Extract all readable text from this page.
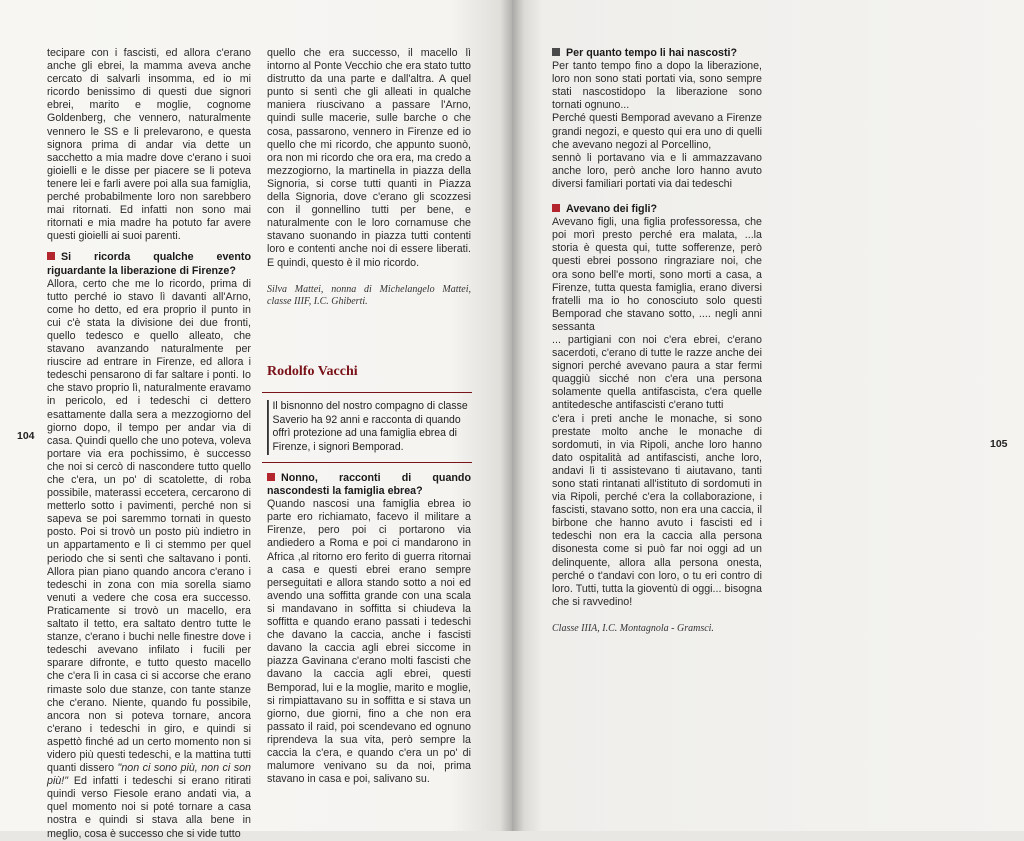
tecipare con i fascisti, ed allora c'erano anche gli ebrei, la mamma aveva anche cercato di salvarli insomma, ed io mi ricordo benissimo di questi due signori ebrei, marito e moglie, cognome Goldenberg, che vennero, naturalmente vennero le SS e li prelevarono, e questa signora prima di andar via dette un sacchetto a mia madre dove c'erano i suoi gioielli e le disse per piacere se li poteva tenere lei e farli avere poi alla sua famiglia, perché probabilmente loro non sarebbero mai ritornati. Ed infatti non sono mai ritornati e mia madre ha potuto far avere questi gioielli ai suoi parenti.

Si ricorda qualche evento riguardante la liberazione di Firenze?

Allora, certo che me lo ricordo, prima di tutto perché io stavo lì davanti all'Arno, come ho detto, ed era proprio il punto in cui c'è stata la divisione dei due fronti, quello tedesco e quello alleato, che stavano avanzando naturalmente per riuscire ad entrare in Firenze, ed allora i tedeschi pensarono di far saltare i ponti. Io che stavo proprio lì, naturalmente eravamo in pericolo, ed i tedeschi ci dettero esattamente dalla sera a mezzogiorno del giorno dopo, il tempo per andar via di casa. Quindi quello che uno poteva, voleva portare via era pochissimo, è successo che noi si cercò di nascondere tutto quello che c'era, un po' di scatolette, di roba possibile, materassi eccetera, cercarono di metterlo sotto i pavimenti, perché non si sapeva se poi saremmo tornati in questo posto. Poi si trovò un posto più indietro in un appartamento e lì ci stemmo per quel periodo che si sentì che saltavano i ponti. Allora pian piano quando ancora c'erano i tedeschi in zona con mia sorella siamo venuti a vedere che cosa era successo. Praticamente si trovò un macello, era saltato il tetto, era saltato dentro tutte le stanze, c'erano i buchi nelle finestre dove i tedeschi avevano infilato i fucili per sparare difronte, e tutto questo macello che c'era lì in casa ci si accorse che erano rimaste solo due stanze, con tante stanze che c'erano. Niente, quando fu possibile, ancora non si poteva tornare, ancora c'erano i tedeschi in giro, e quindi si aspettò finché ad un certo momento non si videro più questi tedeschi, e la mattina tutti quanti dissero "non ci sono più, non ci son più!" Ed infatti i tedeschi si erano ritirati quindi verso Fiesole erano andati via, a quel momento noi si poté tornare a casa nostra e quindi si stava alla bene in meglio, cosa è successo che si vide tutto

quello che era successo, il macello lì intorno al Ponte Vecchio che era stato tutto distrutto da una parte e dall'altra. A quel punto si sentì che gli alleati in qualche maniera riuscivano a passare l'Arno, quindi sulle macerie, sulle barche o che cosa, passarono, vennero in Firenze ed io quello che mi ricordo, che appunto suonò, ora non mi ricordo che ora era, ma credo a mezzogiorno, la martinella in piazza della Signoria, si corse tutti quanti in Piazza della Signoria, dove c'erano gli scozzesi con il gonnellino tutti per bene, e naturalmente con le loro cornamuse che stavano suonando in piazza tutti contenti loro e contenti anche noi di essere liberati. E quindi, questo è il mio ricordo.

Silva Mattei, nonna di Michelangelo Mattei, classe IIIF, I.C. Ghiberti.

Rodolfo Vacchi
Il bisnonno del nostro compagno di classe Saverio ha 92 anni e racconta di quando offrì protezione ad una famiglia ebrea di Firenze, i signori Bemporad.

Nonno, racconti di quando nascondesti la famiglia ebrea?

Quando nascosi una famiglia ebrea io parte ero richiamato, facevo il militare a Firenze, pero poi ci portarono via andiedero a Roma e poi ci mandarono in Africa ,al ritorno ero ferito di guerra ritornai a casa e questi ebrei erano sempre perseguitati e allora stando sotto a noi ed avendo una soffitta grande con una scala si mandavano in soffitta si chiudeva la soffitta e quando erano passati i tedeschi che davano la caccia, anche i fascisti davano la caccia agli ebrei siccome in piazza Gavinana c'erano molti fascisti che davano la caccia agli ebrei, questi Bemporad, lui e la moglie, marito e moglie, si rimpiattavano su in soffitta e si stava un giorno, due giorni, fino a che non era passato il raid, poi scendevano ed ognuno riprendeva la sua vita, però sempre la caccia la c'era, e quando c'era un po' di malumore venivano su da noi, prima stavano in casa e poi, salivano su.

104

Per quanto tempo li hai nascosti?

Per tanto tempo fino a dopo la liberazione, loro non sono stati portati via, sono sempre stati nascostidopo la liberazione sono tornati ognuno...
Perché questi Bemporad avevano a Firenze grandi negozi, e questo qui era uno di quelli che avevano negozi al Porcellino,
sennò li portavano via e li ammazzavano anche loro, però anche loro hanno avuto diversi familiari portati via dai tedeschi

Avevano dei figli?

Avevano figli, una figlia professoressa, che poi morì presto perché era malata, ...la storia è questa qui, tutte sofferenze, però questi ebrei possono ringraziare noi, che ora sono bell'e morti, sono morti a casa, a Firenze, tutta questa famiglia, erano diversi fratelli ma io ho conosciuto solo questi Bemporad che stavano sotto, .... negli anni sessanta
... partigiani con noi c'era ebrei, c'erano sacerdoti, c'erano di tutte le razze anche dei signori perché avevano paura a star fermi quaggiù sicché non c'era una persona solamente quella antifascista, c'era quelle antitedesche antifascisti c'erano tutti
c'era i preti anche le monache, si sono prestate molto anche le monache di sordomuti, in via Ripoli, anche loro hanno dato ospitalità ad antifascisti, anche loro, andavi lì ti assistevano ti aiutavano, tanti sono stati rintanati all'istituto di sordomuti in via Ripoli, perché c'era la collaborazione, i fascisti, stavano sotto, non era una caccia, il birbone che hanno avuto i fascisti ed i tedeschi non era la caccia alla persona disonesta come si può far noi oggi ad un delinquente, allora alla persona onesta, perché o t'andavi con loro, o tu eri contro di loro. Tutti, tutta la gioventù di oggi... bisogna che si ravvedino!

Classe IIIA, I.C. Montagnola - Gramsci.

105
